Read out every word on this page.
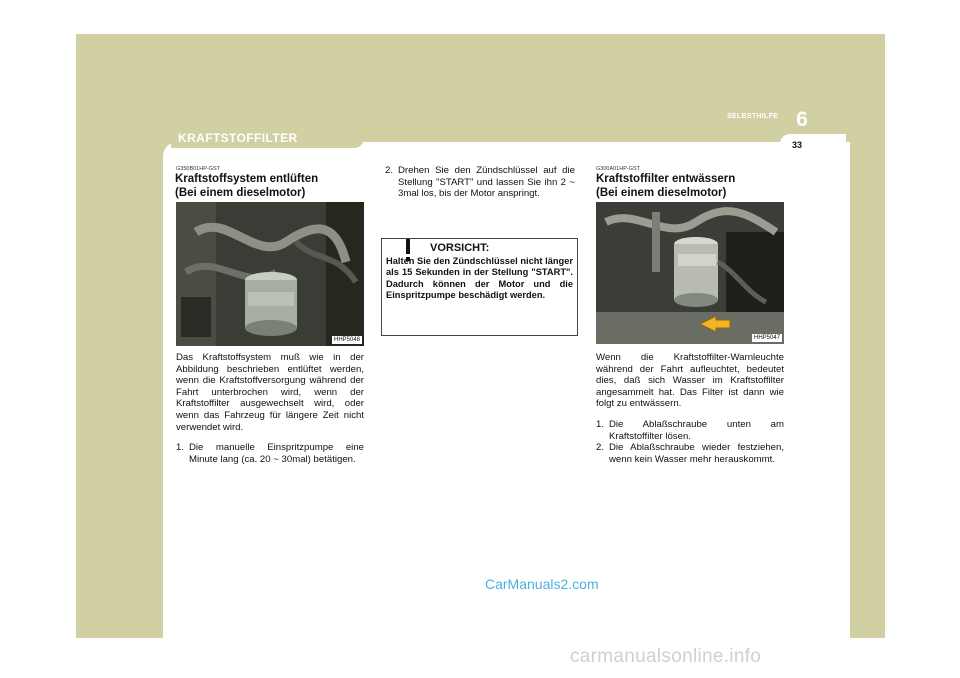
SELBSTHILFE 6
33
KRAFTSTOFFILTER
G350B01HP-GST
Kraftstoffsystem entlüften
(Bei einem dieselmotor)
HHP5048

Das Kraftstoffsystem muß wie in der Abbildung beschrieben entlüftet werden, wenn die Kraftstoffversorgung während der Fahrt unterbrochen wird, wenn der Kraftstoffilter ausgewechselt wird, oder wenn das Fahrzeug für längere Zeit nicht verwendet wird.

1. Die manuelle Einspritzpumpe eine Minute lang (ca. 20 ~ 30mal) betätigen.
2. Drehen Sie den Zündschlüssel auf die Stellung "START" und lassen Sie ihn 2 ~ 3mal los, bis der Motor anspringt.
VORSICHT:
Halten Sie den Zündschlüssel nicht länger als 15 Sekunden in der Stellung "START". Dadurch können der Motor und die Einspritzpumpe beschädigt werden.
G300A01HP-GST
Kraftstoffilter entwässern
(Bei einem dieselmotor)
HHP5047

Wenn die Kraftstoffilter-Warnleuchte während der Fahrt aufleuchtet, bedeutet dies, daß sich Wasser im Kraftstoffilter angesammelt hat. Das Filter ist dann wie folgt zu entwässern.

1. Die Ablaßschraube unten am Kraftstoffilter lösen.
2. Die Ablaßschraube wieder festziehen, wenn kein Wasser mehr herauskommt.
CarManuals2.com
carmanualsonline.info
